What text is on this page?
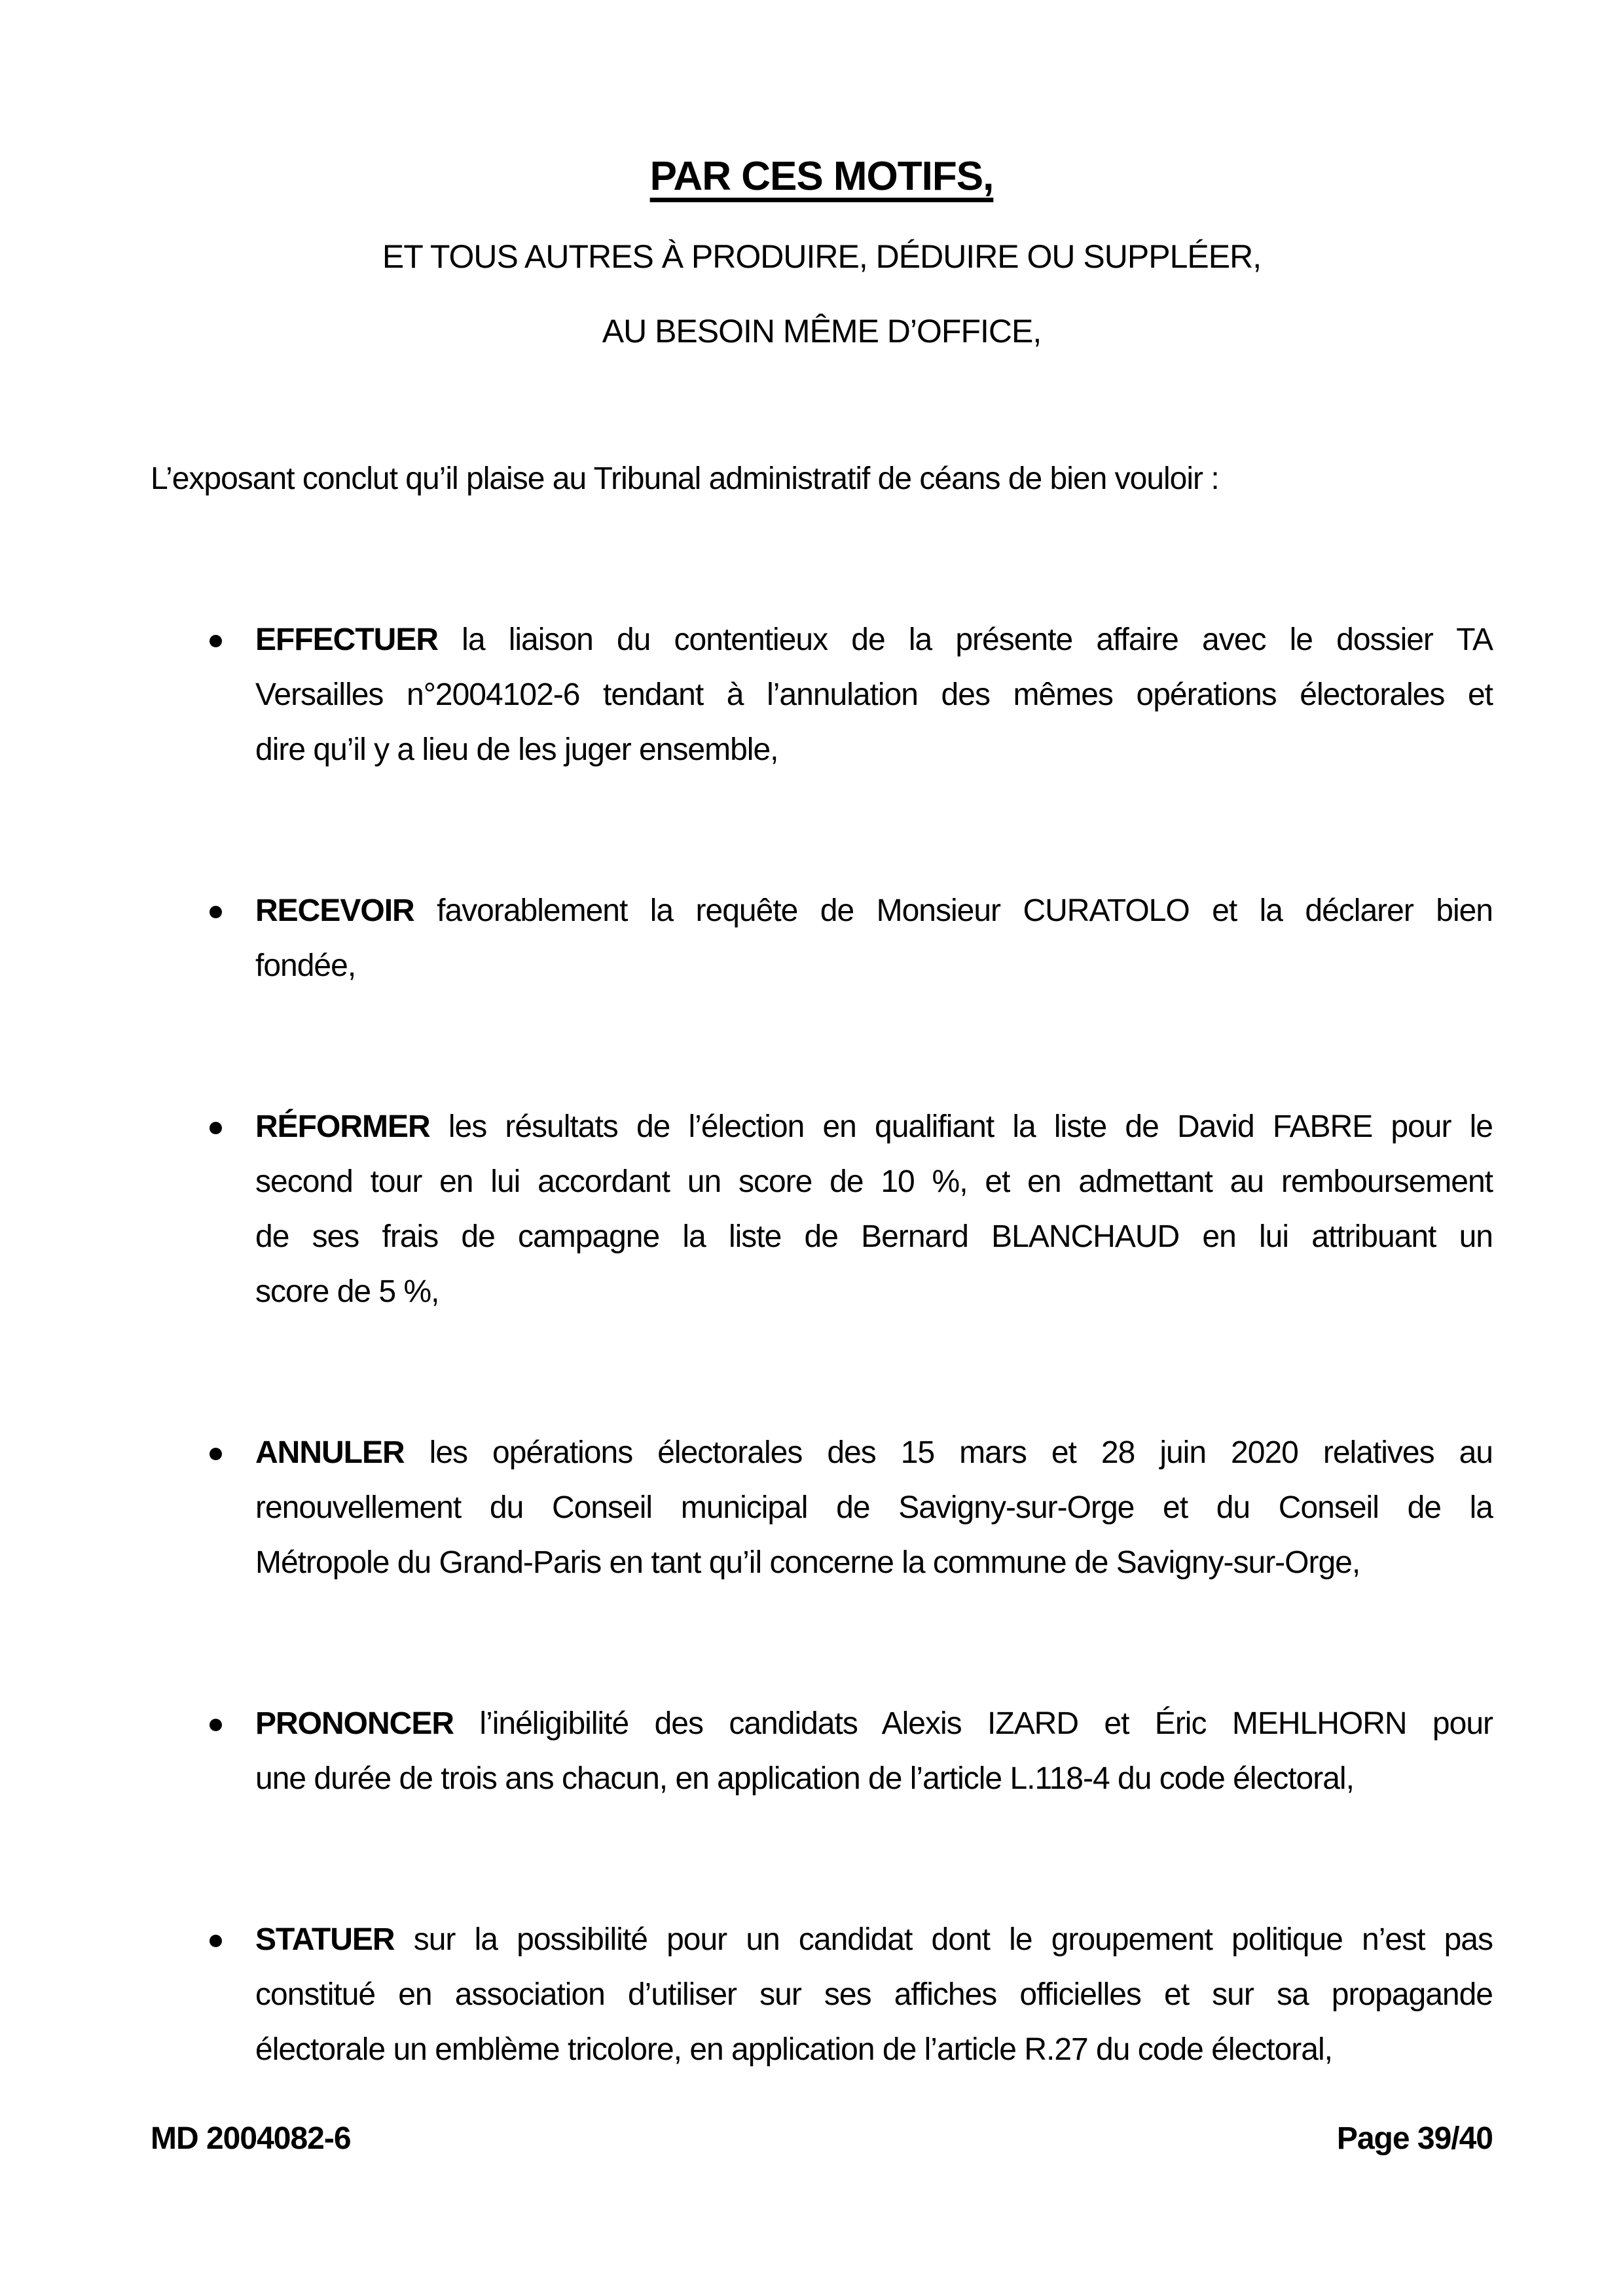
PAR CES MOTIFS,

ET TOUS AUTRES À PRODUIRE, DÉDUIRE OU SUPPLÉER,

AU BESOIN MÊME D’OFFICE,

L’exposant conclut qu’il plaise au Tribunal administratif de céans de bien vouloir :

EFFECTUER la liaison du contentieux de la présente affaire avec le dossier TA
Versailles n°2004102-6 tendant à l’annulation des mêmes opérations électorales et
dire qu’il y a lieu de les juger ensemble,
RECEVOIR favorablement la requête de Monsieur CURATOLO et la déclarer bien
fondée,
RÉFORMER les résultats de l’élection en qualifiant la liste de David FABRE pour le
second tour en lui accordant un score de 10 %, et en admettant au remboursement
de ses frais de campagne la liste de Bernard BLANCHAUD en lui attribuant un
score de 5 %,
ANNULER les opérations électorales des 15 mars et 28 juin 2020 relatives au
renouvellement du Conseil municipal de Savigny-sur-Orge et du Conseil de la
Métropole du Grand-Paris en tant qu’il concerne la commune de Savigny-sur-Orge,
PRONONCER l’inéligibilité des candidats Alexis IZARD et Éric MEHLHORN pour
une durée de trois ans chacun, en application de l’article L.118-4 du code électoral,
STATUER sur la possibilité pour un candidat dont le groupement politique n’est pas
constitué en association d’utiliser sur ses affiches officielles et sur sa propagande
électorale un emblème tricolore, en application de l’article R.27 du code électoral,
MD 2004082-6	Page 39/40
